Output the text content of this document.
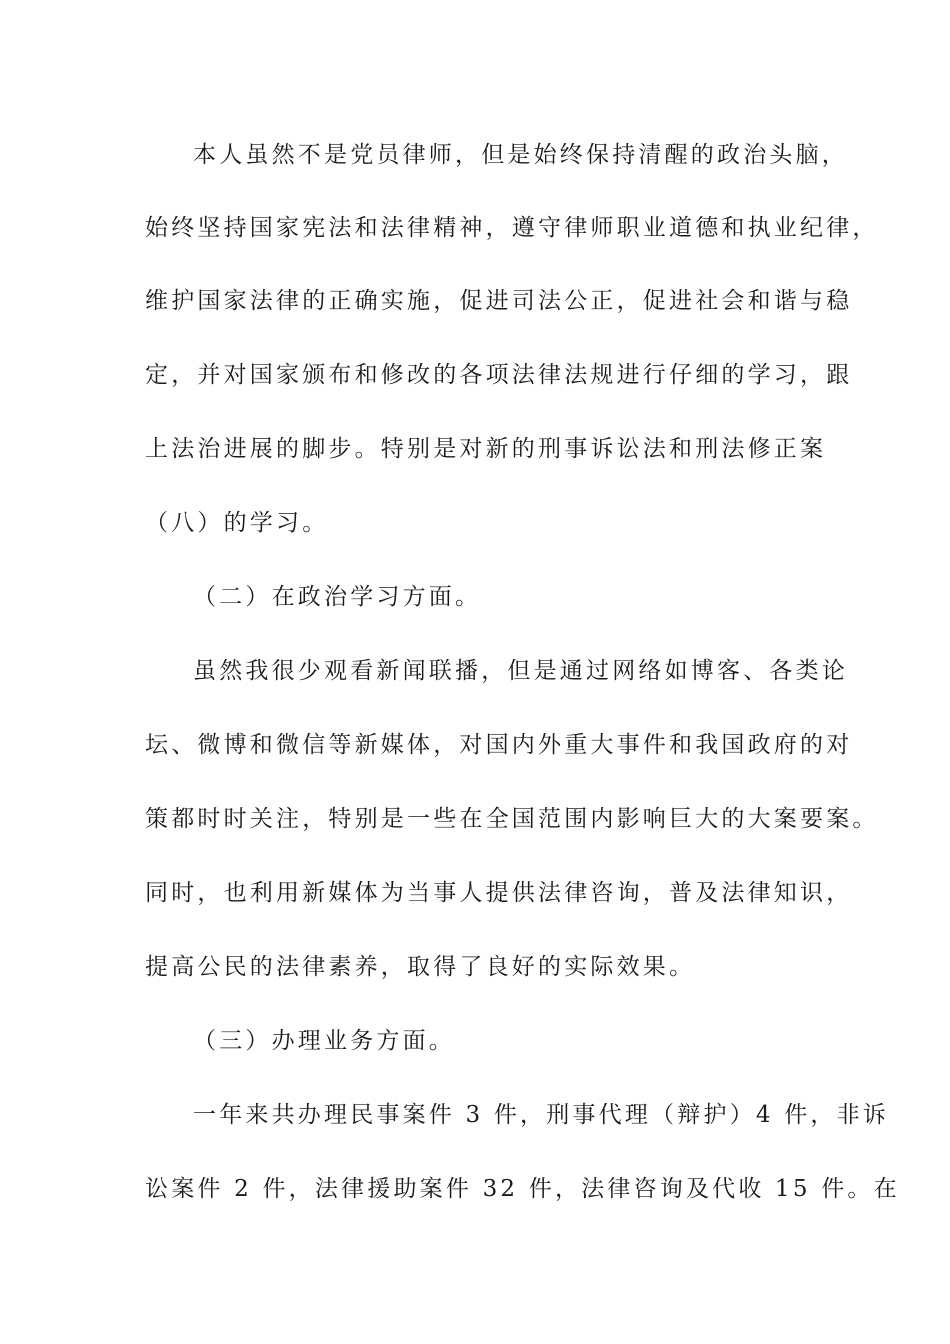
本人虽然不是党员律师，但是始终保持清醒的政治头脑，
始终坚持国家宪法和法律精神，遵守律师职业道德和执业纪律，
维护国家法律的正确实施，促进司法公正，促进社会和谐与稳
定，并对国家颁布和修改的各项法律法规进行仔细的学习，跟
上法治进展的脚步。特别是对新的刑事诉讼法和刑法修正案
（八）的学习。
（二）在政治学习方面。
虽然我很少观看新闻联播，但是通过网络如博客、各类论
坛、微博和微信等新媒体，对国内外重大事件和我国政府的对
策都时时关注，特别是一些在全国范围内影响巨大的大案要案。
同时，也利用新媒体为当事人提供法律咨询，普及法律知识，
提高公民的法律素养，取得了良好的实际效果。
（三）办理业务方面。
一年来共办理民事案件 3 件，刑事代理（辩护）4 件，非诉
讼案件 2 件，法律援助案件 32 件，法律咨询及代收 15 件。在
